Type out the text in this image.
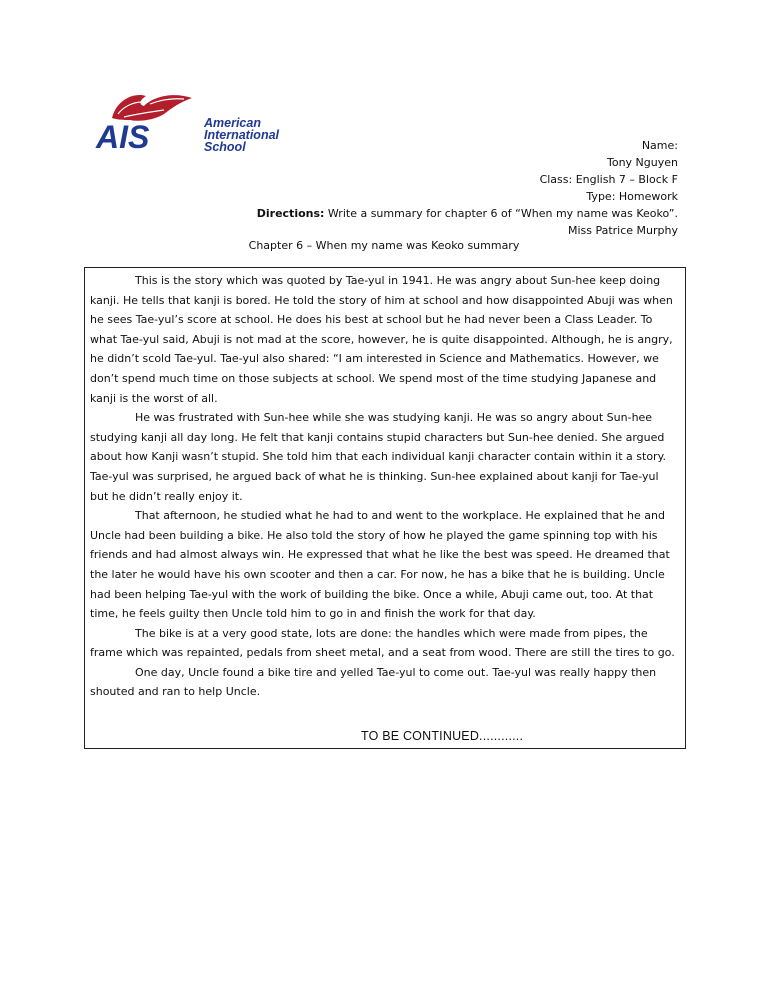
AIS	American
International
School	Name:
Tony Nguyen
Class: English 7 – Block F
Type: Homework
Directions: Write a summary for chapter 6 of “When my name was Keoko”.
Miss Patrice Murphy
Chapter 6 – When my name was Keoko summary

This is the story which was quoted by Tae-yul in 1941. He was angry about Sun-hee keep doing kanji. He tells that kanji is bored. He told the story of him at school and how disappointed Abuji was when he sees Tae-yul’s score at school. He does his best at school but he had never been a Class Leader. To what Tae-yul said, Abuji is not mad at the score, however, he is quite disappointed. Although, he is angry, he didn’t scold Tae-yul. Tae-yul also shared: “I am interested in Science and Mathematics. However, we don’t spend much time on those subjects at school. We spend most of the time studying Japanese and kanji is the worst of all.

He was frustrated with Sun-hee while she was studying kanji. He was so angry about Sun-hee studying kanji all day long. He felt that kanji contains stupid characters but Sun-hee denied. She argued about how Kanji wasn’t stupid. She told him that each individual kanji character contain within it a story. Tae-yul was surprised, he argued back of what he is thinking. Sun-hee explained about kanji for Tae-yul but he didn’t really enjoy it.

That afternoon, he studied what he had to and went to the workplace. He explained that he and Uncle had been building a bike. He also told the story of how he played the game spinning top with his friends and had almost always win. He expressed that what he like the best was speed. He dreamed that the later he would have his own scooter and then a car. For now, he has a bike that he is building. Uncle had been helping Tae-yul with the work of building the bike. Once a while, Abuji came out, too. At that time, he feels guilty then Uncle told him to go in and finish the work for that day.

The bike is at a very good state, lots are done: the handles which were made from pipes, the frame which was repainted, pedals from sheet metal, and a seat from wood. There are still the tires to go.

One day, Uncle found a bike tire and yelled Tae-yul to come out. Tae-yul was really happy then shouted and ran to help Uncle.

TO BE CONTINUED............
